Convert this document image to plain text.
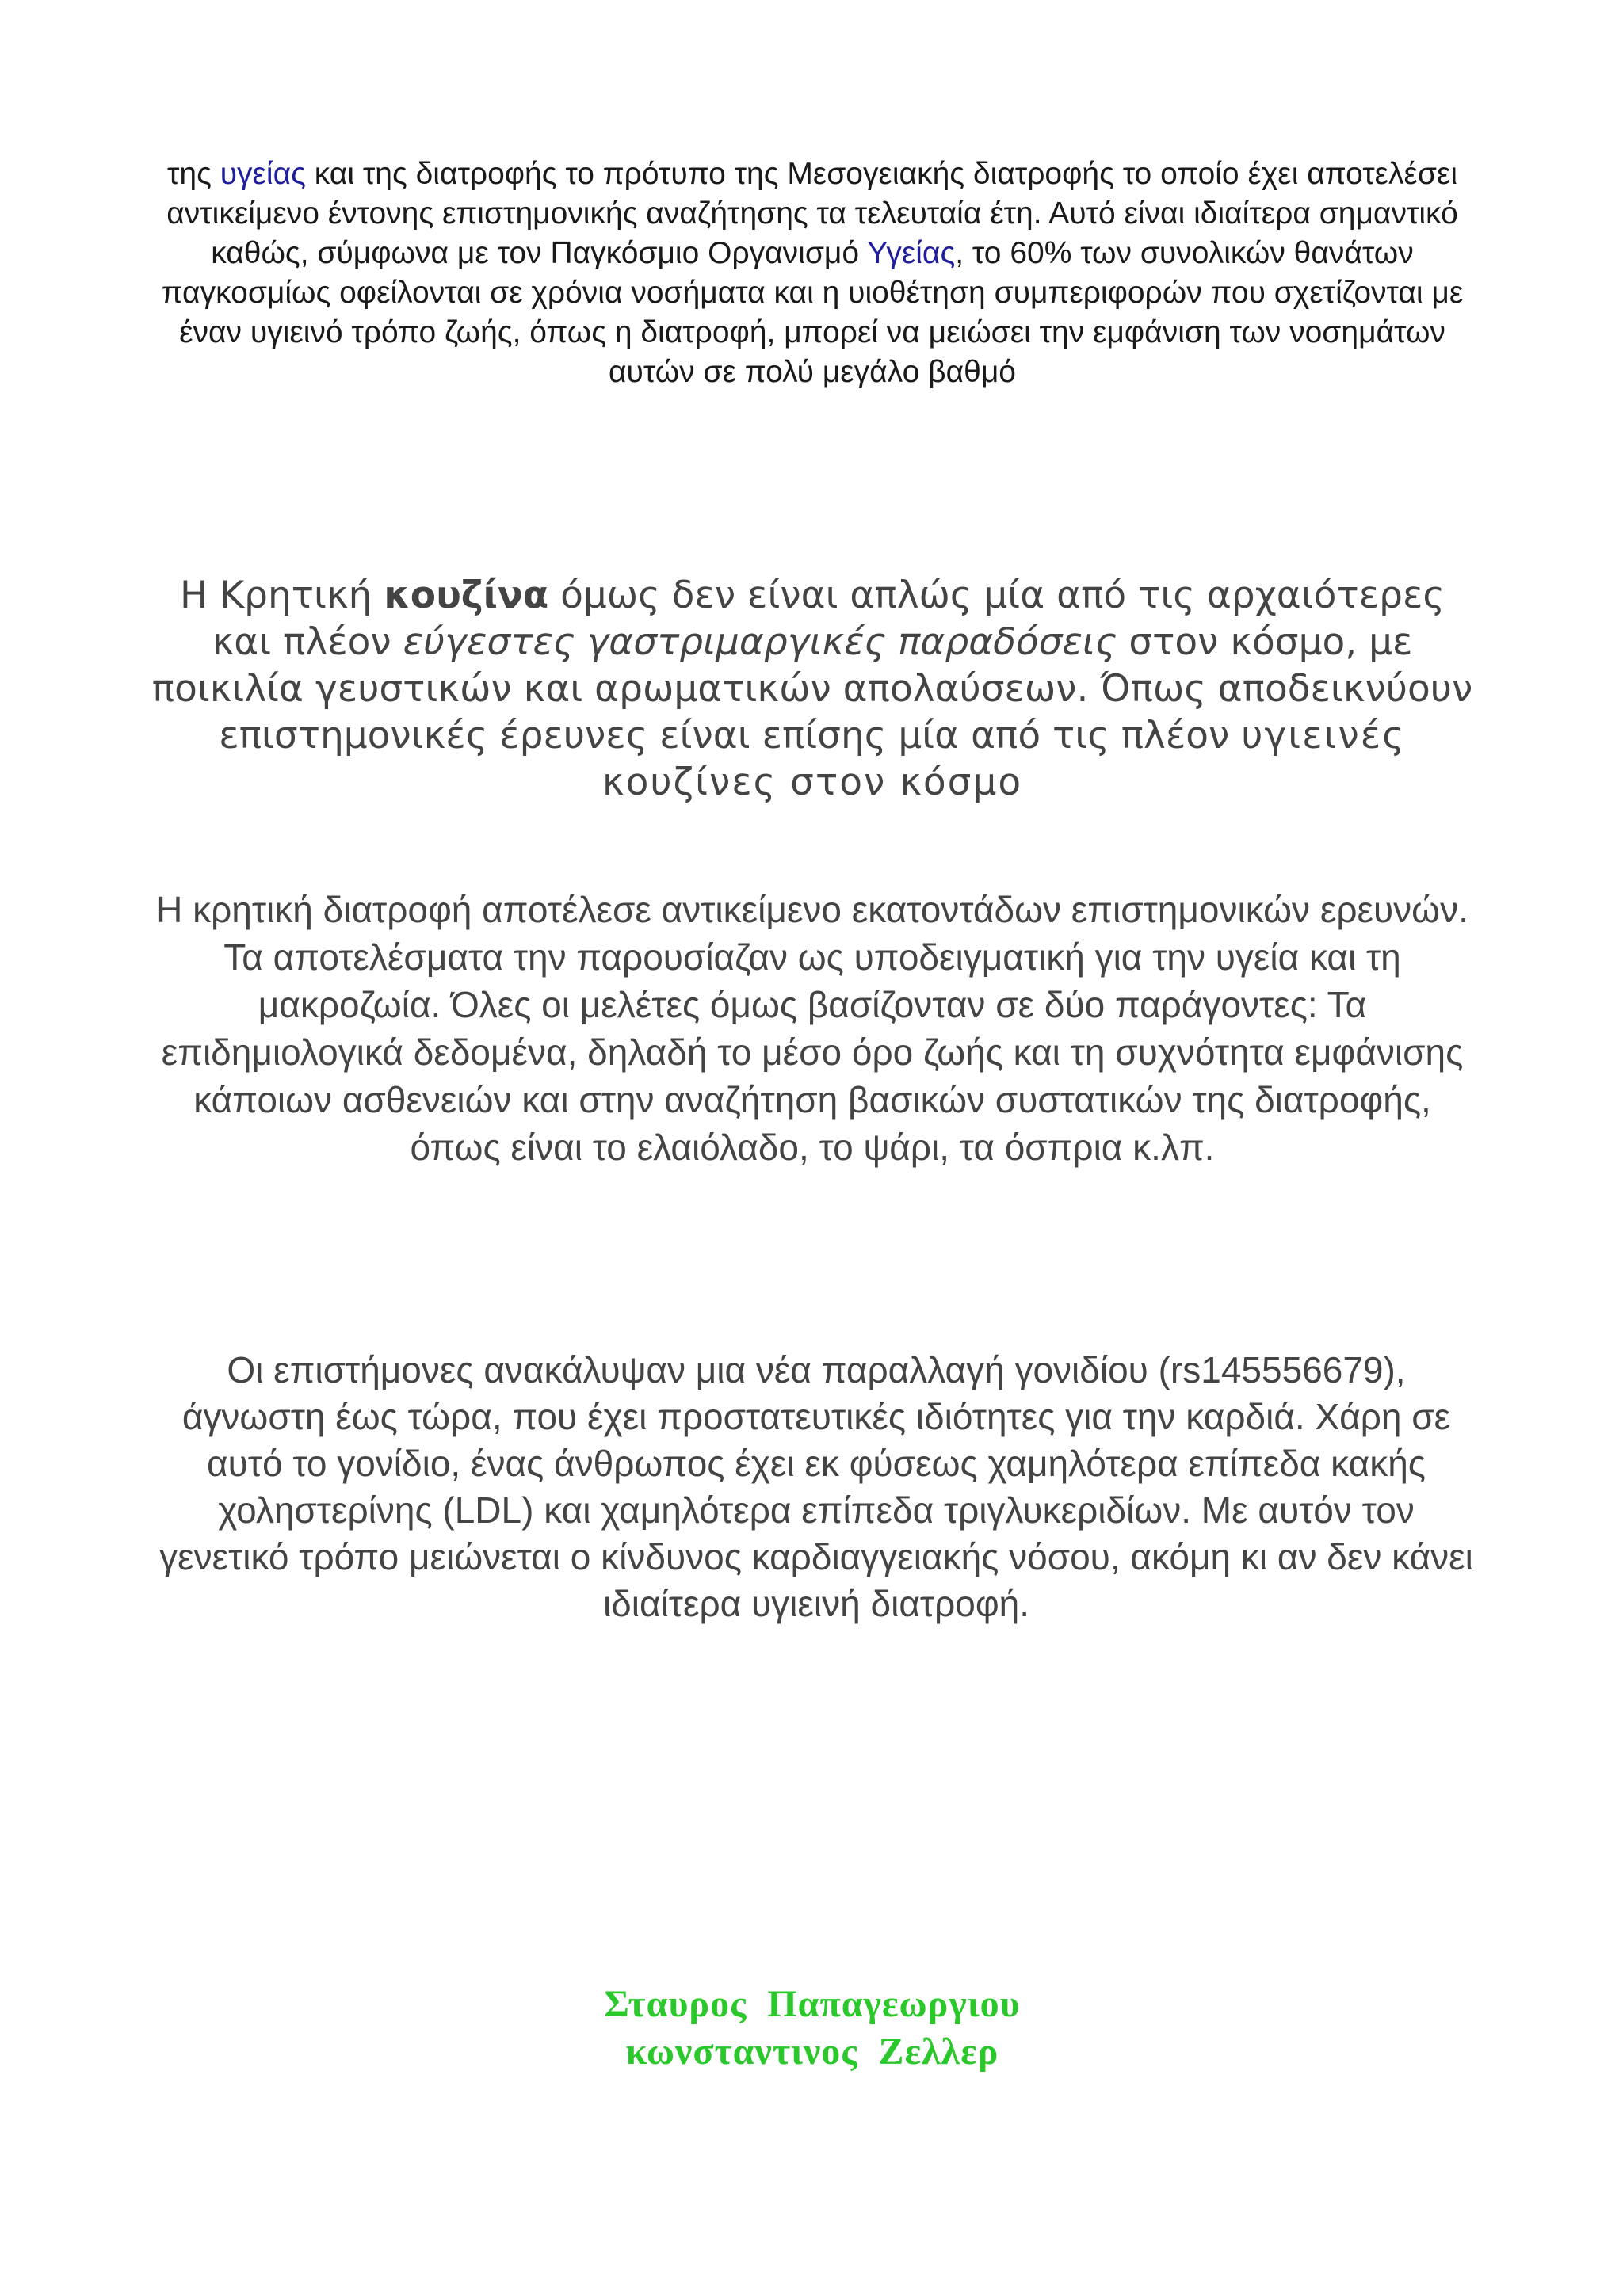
της υγείας και της διατροφής το πρότυπο της Μεσογειακής διατροφής το οποίο έχει αποτελέσει αντικείμενο έντονης επιστημονικής αναζήτησης τα τελευταία έτη. Αυτό είναι ιδιαίτερα σημαντικό καθώς, σύμφωνα με τον Παγκόσμιο Οργανισμό Υγείας, το 60% των συνολικών θανάτων παγκοσμίως οφείλονται σε χρόνια νοσήματα και η υιοθέτηση συμπεριφορών που σχετίζονται με έναν υγιεινό τρόπο ζωής, όπως η διατροφή, μπορεί να μειώσει την εμφάνιση των νοσημάτων αυτών σε πολύ μεγάλο βαθμό

Η Κρητική κουζίνα όμως δεν είναι απλώς μία από τις αρχαιότερες και πλέον εύγεστες γαστριμαργικές παραδόσεις στον κόσμο, με ποικιλία γευστικών και αρωματικών απολαύσεων. Όπως αποδεικνύουν επιστημονικές έρευνες είναι επίσης μία από τις πλέον υγιεινές κουζίνες στον κόσμο

Η κρητική διατροφή αποτέλεσε αντικείμενο εκατοντάδων επιστημονικών ερευνών. Τα αποτελέσματα την παρουσίαζαν ως υποδειγματική για την υγεία και τη μακροζωία. Όλες οι μελέτες όμως βασίζονταν σε δύο παράγοντες: Τα επιδημιολογικά δεδομένα, δηλαδή το μέσο όρο ζωής και τη συχνότητα εμφάνισης κάποιων ασθενειών και στην αναζήτηση βασικών συστατικών της διατροφής, όπως είναι το ελαιόλαδο, το ψάρι, τα όσπρια κ.λπ.

Οι επιστήμονες ανακάλυψαν μια νέα παραλλαγή γονιδίου (rs145556679), άγνωστη έως τώρα, που έχει προστατευτικές ιδιότητες για την καρδιά. Χάρη σε αυτό το γονίδιο, ένας άνθρωπος έχει εκ φύσεως χαμηλότερα επίπεδα κακής χοληστερίνης (LDL) και χαμηλότερα επίπεδα τριγλυκεριδίων. Με αυτόν τον γενετικό τρόπο μειώνεται ο κίνδυνος καρδιαγγειακής νόσου, ακόμη κι αν δεν κάνει ιδιαίτερα υγιεινή διατροφή.

Σταυρος  Παπαγεωργιου
κωνσταντινος  Ζελλερ
